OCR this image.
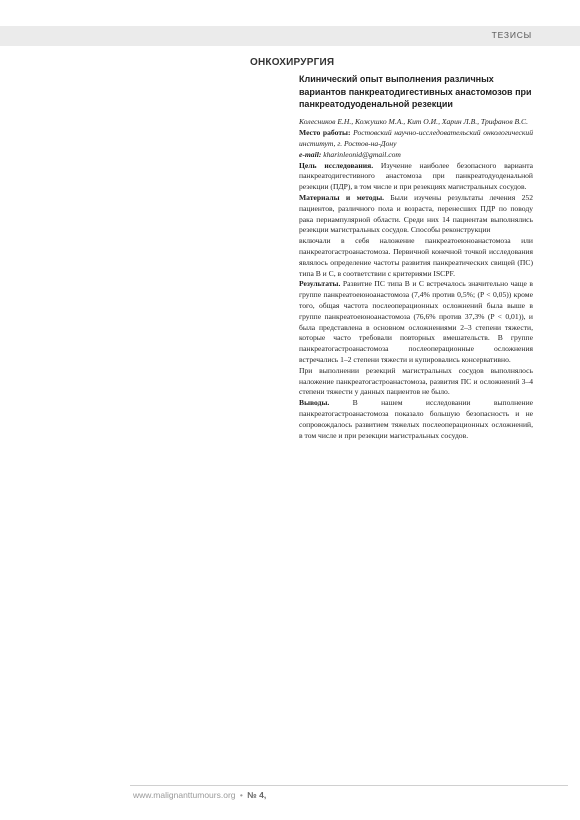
ТЕЗИСЫ
ОНКОХИРУРГИЯ
Клинический опыт выполнения различных вариантов панкреатодигестивных анастомозов при панкреатодуоденальной резекции

Колесников Е.Н., Кожушко М.А., Кит О.И., Харин Л.В., Трифанов В.С.

Место работы: Ростовский научно-исследовательский онкологический институт, г. Ростов-на-Дону

e-mail: kharinleonid@gmail.com

Цель исследования. Изучение наиболее безопасного варианта панкреатодигестивного анастомоза при панкреатодуоденальной резекции (ПДР), в том числе и при резекциях магистральных сосудов.

Материалы и методы. Были изучены результаты лечения 252 пациентов, различного пола и возраста, перенесших ПДР по поводу рака периампулярной области. Среди них 14 пациентам выполнялись резекции магистральных сосудов. Способы реконструкции

включали в себя наложение панкреатоеюноанастомоза или панкреатогастроанастомоза. Первичной конечной точкой исследования являлось определение частоты развития панкреатических свищей (ПС) типа B и C, в соответствии с критериями ISCPF.

Результаты. Развитие ПС типа B и C встречалось значительно чаще в группе панкреатоеюноанастомоза (7,4% против 0,5%; (P < 0,05)) кроме того, общая частота послеоперационных осложнений была выше в группе панкреатоеюноанастомоза (76,6% против 37,3% (P < 0,01)), и была представлена в основном осложнениями 2–3 степени тяжести, которые часто требовали повторных вмешательств. В группе панкреатогастроанастомоза послеоперационные осложнения встречались 1–2 степени тяжести и купировались консервативно.

При выполнении резекций магистральных сосудов выполнялось наложение панкреатогастроанастомоза, развития ПС и осложнений 3–4 степени тяжести у данных пациентов не было.

Выводы. В нашем исследовании выполнение панкреатогастроанастомоза показало большую безопасность и не сопровождалось развитием тяжелых послеоперационных осложнений, в том числе и при резекции магистральных сосудов.

www.malignanttumours.org • № 4,
